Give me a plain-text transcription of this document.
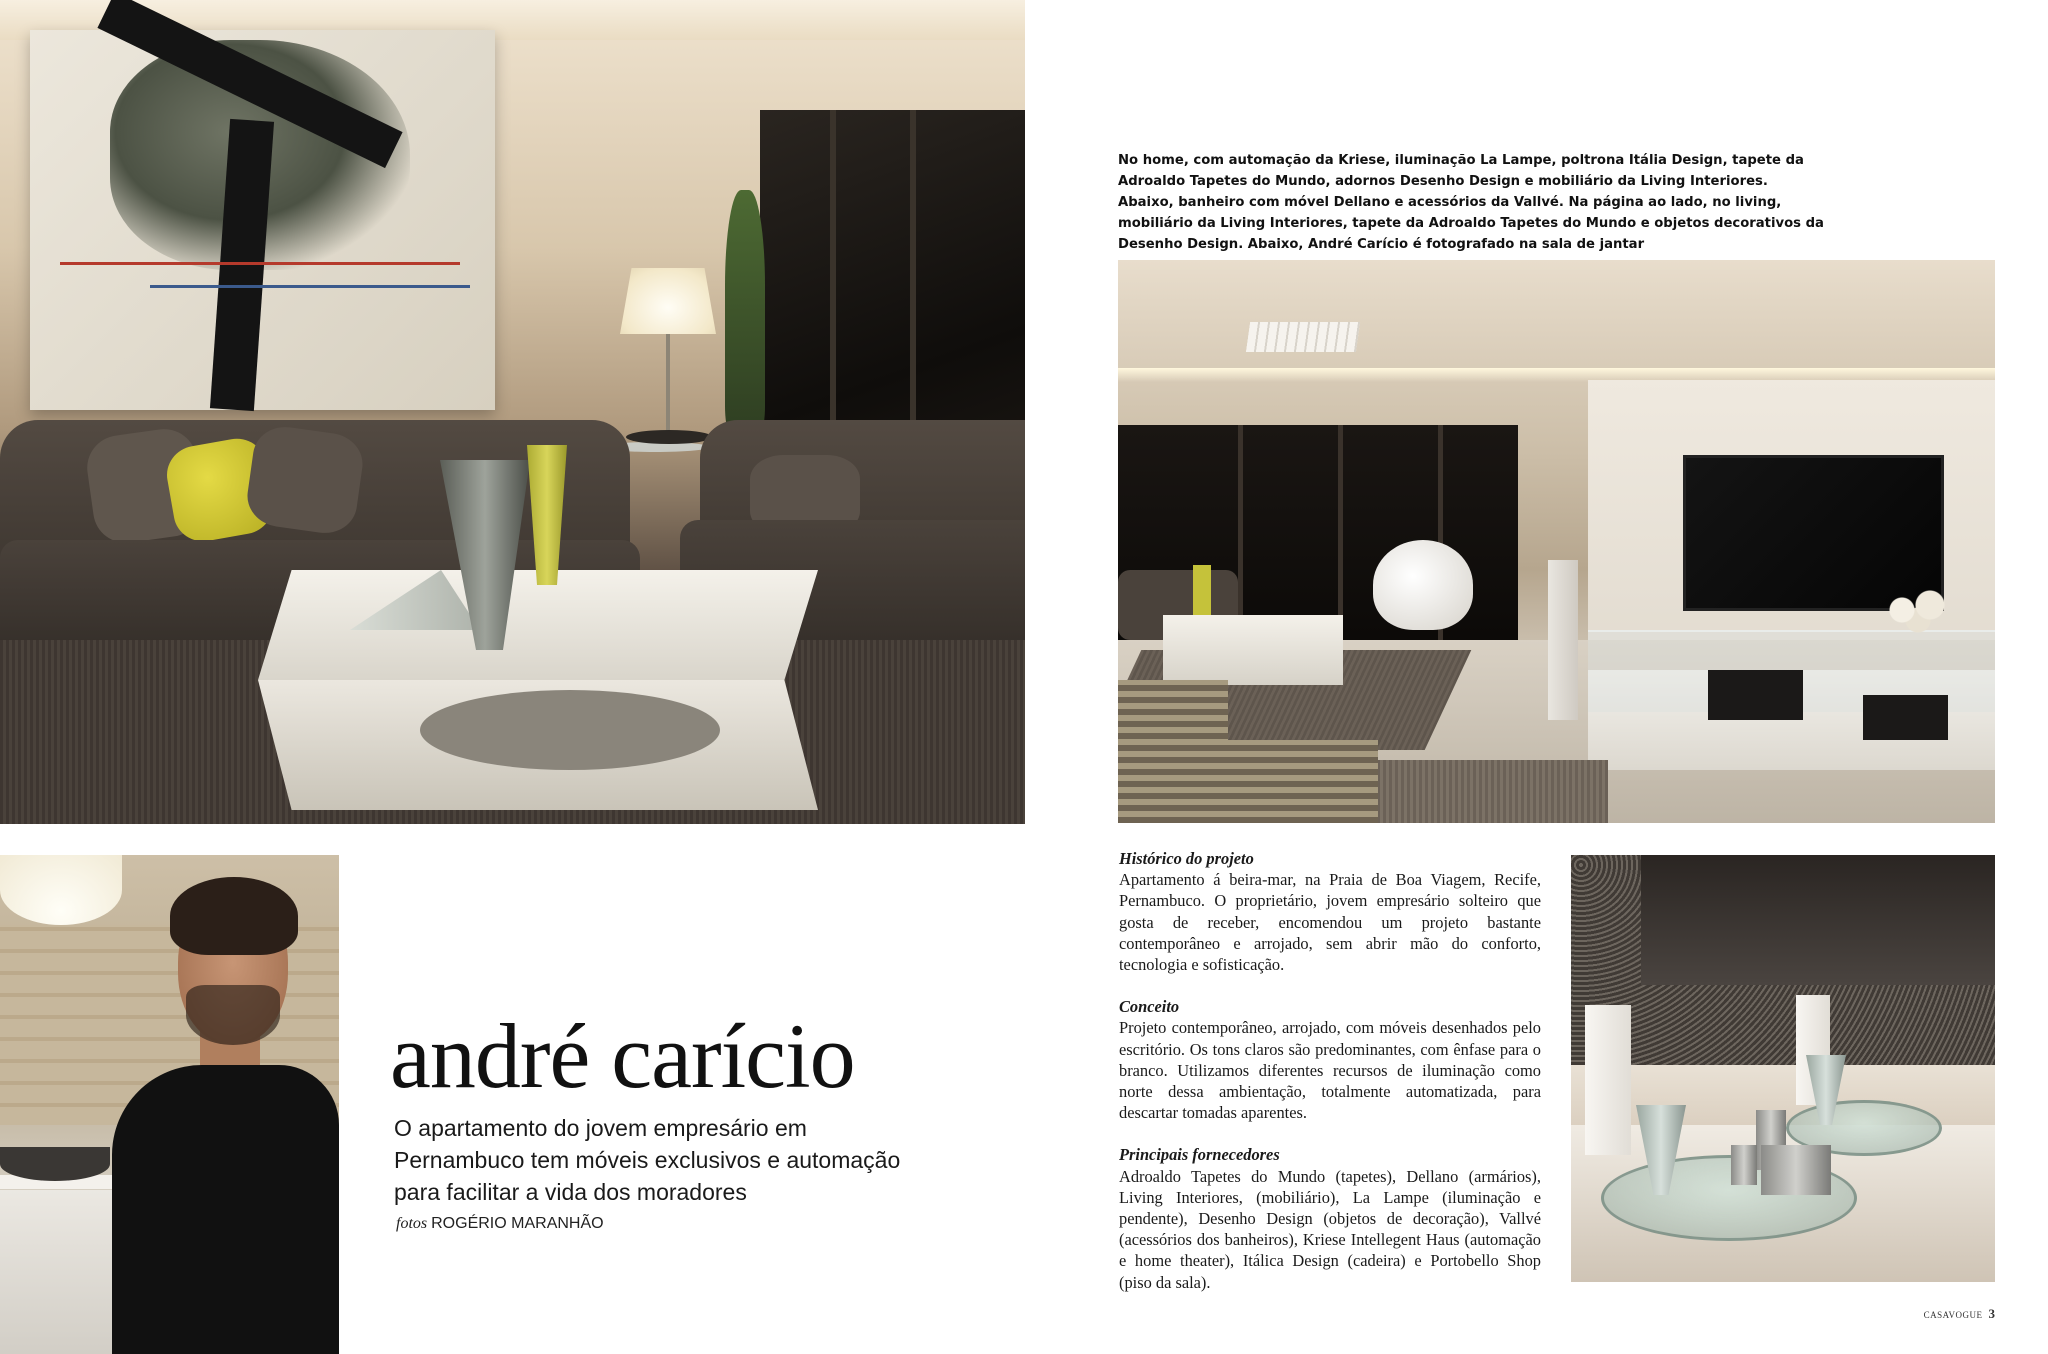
No home, com automação da Kriese, iluminação La Lampe, poltrona Itália Design, tapete da Adroaldo Tapetes do Mundo, adornos Desenho Design e mobiliário da Living Interiores. Abaixo, banheiro com móvel Dellano e acessórios da Vallvé. Na página ao lado, no living, mobiliário da Living Interiores, tapete da Adroaldo Tapetes do Mundo e objetos decorativos da Desenho Design. Abaixo, André Carício é fotografado na sala de jantar
andré carício
O apartamento do jovem empresário em Pernambuco tem móveis exclusivos e automação para facilitar a vida dos moradores
fotos ROGÉRIO MARANHÃO
Histórico do projeto
Apartamento á beira-mar, na Praia de Boa Viagem, Recife, Pernambuco. O proprietário, jovem empresário solteiro que gosta de receber, encomendou um projeto bastante contemporâneo e arrojado, sem abrir mão do conforto, tecnologia e sofisticação.
Conceito
Projeto contemporâneo, arrojado, com móveis desenhados pelo escritório. Os tons claros são predominantes, com ênfase para o branco. Utilizamos diferentes recursos de iluminação como norte dessa ambientação, totalmente automatizada, para descartar tomadas aparentes.
Principais fornecedores
Adroaldo Tapetes do Mundo (tapetes), Dellano (armários), Living Interiores, (mobiliário), La Lampe (iluminação e pendente), Desenho Design (objetos de decoração), Vallvé (acessórios dos banheiros), Kriese Intellegent Haus (automação e home theater), Itálica Design (cadeira) e Portobello Shop (piso da sala).
casavogue 3
